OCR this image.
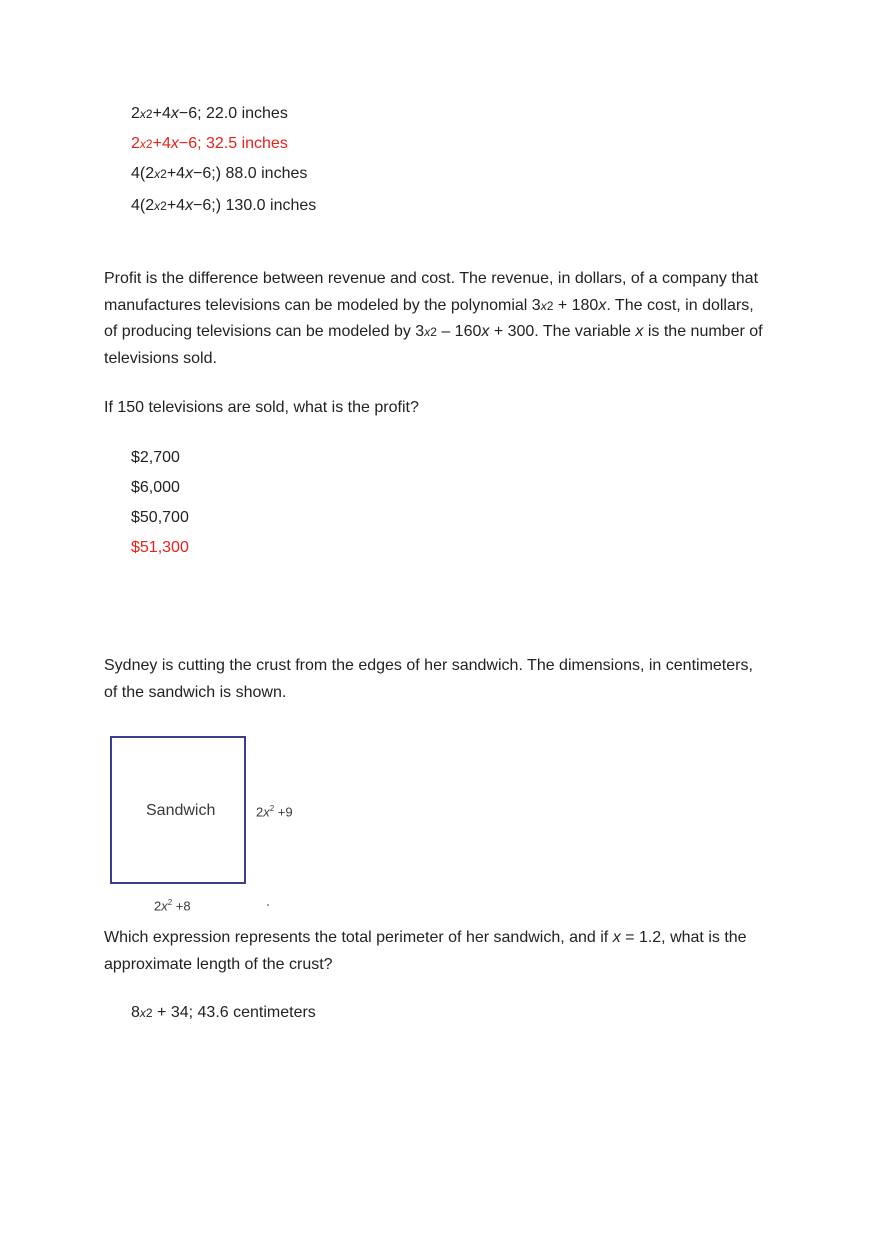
2x2+4x−6; 22.0 inches
2x2+4x−6; 32.5 inches
4(2x2+4x−6;) 88.0 inches
4(2x2+4x−6;) 130.0 inches
Profit is the difference between revenue and cost. The revenue, in dollars, of a company that manufactures televisions can be modeled by the polynomial 3x2 + 180x. The cost, in dollars, of producing televisions can be modeled by 3x2 – 160x + 300. The variable x is the number of televisions sold.
If 150 televisions are sold, what is the profit?
$2,700
$6,000
$50,700
$51,300
Sydney is cutting the crust from the edges of her sandwich. The dimensions, in centimeters, of the sandwich is shown.
Sandwich	$2x^2 +9$
$2x^2 +8$
Which expression represents the total perimeter of her sandwich, and if x = 1.2, what is the approximate length of the crust?
8x2 + 34; 43.6 centimeters
